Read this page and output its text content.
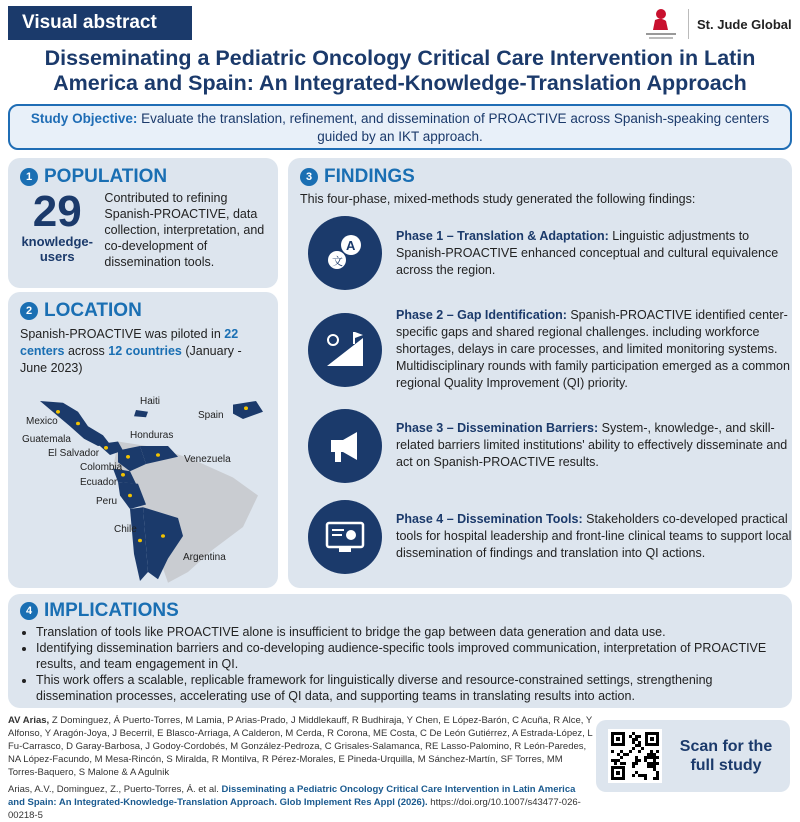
Visual abstract	St. Jude Global
Disseminating a Pediatric Oncology Critical Care Intervention in Latin America and Spain: An Integrated-Knowledge-Translation Approach
Study Objective: Evaluate the translation, refinement, and dissemination of PROACTIVE across Spanish-speaking centers guided by an IKT approach.
1 POPULATION
29
knowledge-users
Contributed to refining Spanish-PROACTIVE, data collection, interpretation, and co-development of dissemination tools.
2 LOCATION
Spanish-PROACTIVE was piloted in 22 centers across 12 countries (January - June 2023)
Mexico
Guatemala
El Salvador
Haiti
Honduras
Colombia
Ecuador
Venezuela
Peru
Chile
Argentina
Spain
3 FINDINGS
This four-phase, mixed-methods study generated the following findings:
A
文

Phase 1 – Translation & Adaptation: Linguistic adjustments to Spanish-PROACTIVE enhanced conceptual and cultural equivalence across the region.

Phase 2 – Gap Identification: Spanish-PROACTIVE identified center-specific gaps and shared regional challenges. including workforce shortages, delays in care processes, and limited monitoring systems. Multidisciplinary rounds with family participation emerged as a common regional Quality Improvement (QI) priority.

Phase 3 – Dissemination Barriers: System-, knowledge-, and skill-related barriers limited institutions' ability to effectively disseminate and act on Spanish-PROACTIVE results.

Phase 4 – Dissemination Tools: Stakeholders co-developed practical tools for hospital leadership and front-line clinical teams to support local dissemination of findings and translation into QI actions.

4 IMPLICATIONS
• Translation of tools like PROACTIVE alone is insufficient to bridge the gap between data generation and data use.
• Identifying dissemination barriers and co-developing audience-specific tools improved communication, interpretation of PROACTIVE results, and team engagement in QI.
• This work offers a scalable, replicable framework for linguistically diverse and resource-constrained settings, strengthening dissemination processes, accelerating use of QI data, and supporting teams in translating results into action.
AV Arias, Z Dominguez, Á Puerto-Torres, M Lamia, P Arias-Prado, J Middlekauff, R Budhiraja, Y Chen, E López-Barón, C Acuña, R Alce, Y Alfonso, Y Aragón-Joya, J Becerril, E Blasco-Arriaga, A Calderon, M Cerda, R Corona, ME Costa, C De León Gutiérrez, A Estrada-López, L Fu-Carrasco, D Garay-Barbosa, J Godoy-Cordobés, M González-Pedroza, C Grisales-Salamanca, RE Lasso-Palomino, R León-Paredes, NA López-Facundo, M Mesa-Rincón, S Miralda, R Montilva, R Pérez-Morales, E Pineda-Urquilla, M Sánchez-Martín, SF Torres, MM Torres-Baquero, S Malone & A Agulnik
Arias, A.V., Dominguez, Z., Puerto-Torres, Á. et al. Disseminating a Pediatric Oncology Critical Care Intervention in Latin America and Spain: An Integrated-Knowledge-Translation Approach. Glob Implement Res Appl (2026). https://doi.org/10.1007/s43477-026-00218-5
Scan for the full study
